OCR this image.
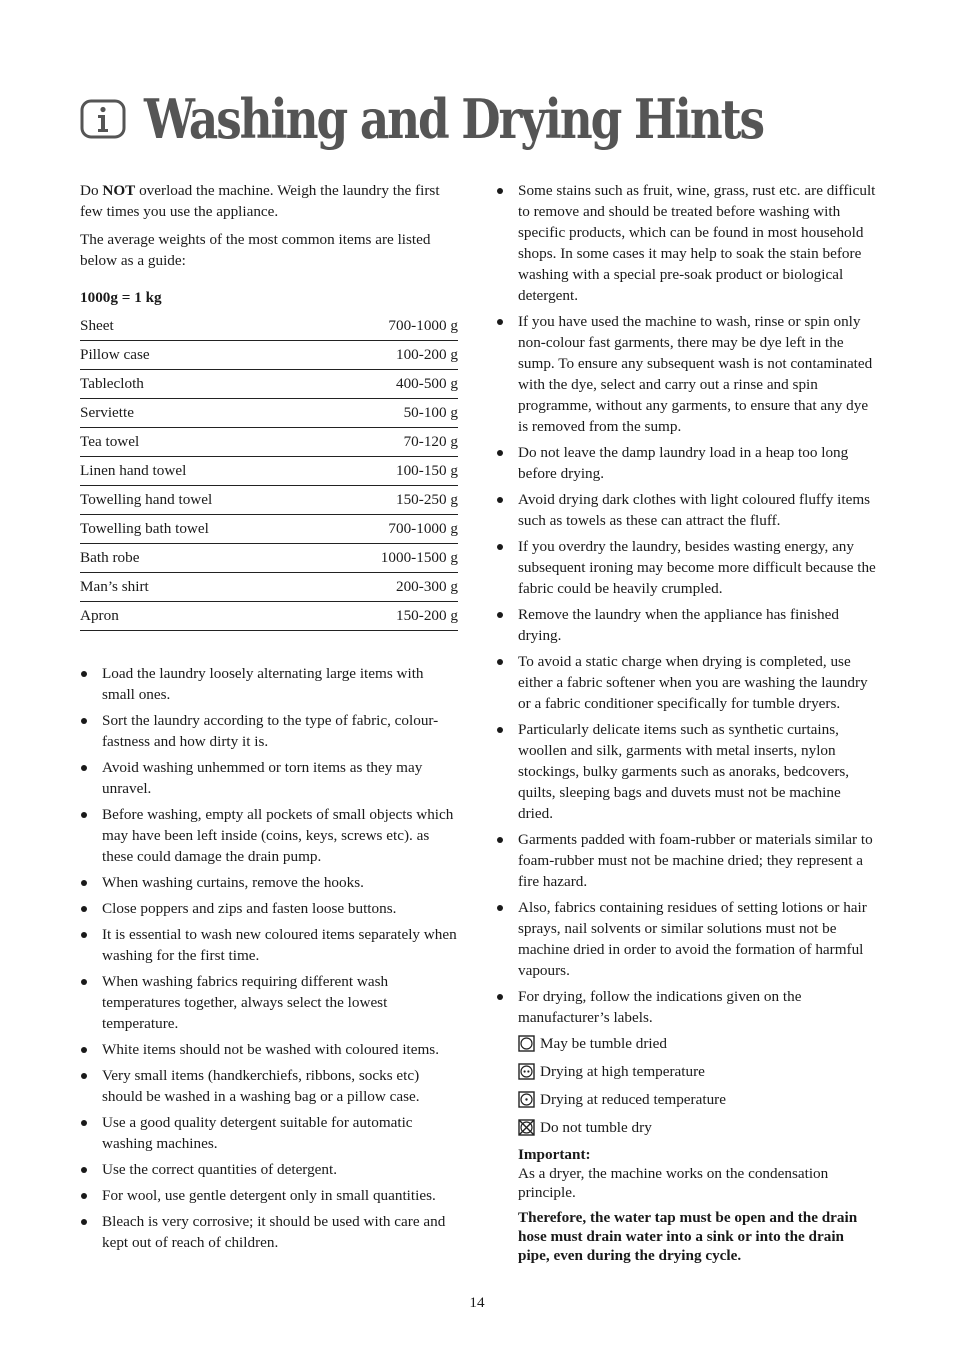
Washing and Drying Hints

Do NOT overload the machine. Weigh the laundry the first few times you use the appliance.

The average weights of the most common items are listed below as a guide:

1000g = 1 kg
Sheet	700-1000 g
Pillow case	100-200 g
Tablecloth	400-500 g
Serviette	50-100 g
Tea towel	70-120 g
Linen hand towel	100-150 g
Towelling hand towel	150-250 g
Towelling bath towel	700-1000 g
Bath robe	1000-1500 g
Man’s shirt	200-300 g
Apron	150-200 g
Load the laundry loosely alternating large items with small ones.
Sort the laundry according to the type of fabric, colour-fastness and how dirty it is.
Avoid washing unhemmed or torn items as they may unravel.
Before washing, empty all pockets of small objects which may have been left inside (coins, keys, screws etc). as these could damage the drain pump.
When washing curtains, remove the hooks.
Close poppers and zips and fasten loose buttons.
It is essential to wash new coloured items separately when washing for the first time.
When washing fabrics requiring different wash temperatures together, always select the lowest temperature.
White items should not be washed with coloured items.
Very small items (handkerchiefs, ribbons, socks etc) should be washed in a washing bag or a pillow case.
Use a good quality detergent suitable for automatic washing machines.
Use the correct quantities of detergent.
For wool, use gentle detergent only in small quantities.
Bleach is very corrosive; it should be used with care and kept out of reach of children.
Some stains such as fruit, wine, grass, rust etc. are difficult to remove and should be treated before washing with specific products, which can be found in most household shops. In some cases it may help to soak the stain before washing with a special pre-soak product or biological detergent.
If you have used the machine to wash, rinse or spin only non-colour fast garments, there may be dye left in the sump. To ensure any subsequent wash is not contaminated with the dye, select and carry out a rinse and spin programme, without any garments, to ensure that any dye is removed from the sump.
Do not leave the damp laundry load in a heap too long before drying.
Avoid drying dark clothes with light coloured fluffy items such as towels as these can attract the fluff.
If you overdry the laundry, besides wasting energy, any subsequent ironing may become more difficult because the fabric could be heavily crumpled.
Remove the laundry when the appliance has finished drying.
To avoid a static charge when drying is completed, use either a fabric softener when you are washing the laundry or a fabric conditioner specifically for tumble dryers.
Particularly delicate items such as synthetic curtains, woollen and silk, garments with metal inserts, nylon stockings, bulky garments such as anoraks, bedcovers, quilts, sleeping bags and duvets must not be machine dried.
Garments padded with foam-rubber or materials similar to foam-rubber must not be machine dried; they represent a fire hazard.
Also, fabrics containing residues of setting lotions or hair sprays, nail solvents or similar solutions must not be machine dried in order to avoid the formation of harmful vapours.
For drying, follow the indications given on the manufacturer’s labels.
May be tumble dried
Drying at high temperature
Drying at reduced temperature
Do not tumble dry
Important:
As a dryer, the machine works on the condensation principle.
Therefore, the water tap must be open and the drain hose must drain water into a sink or into the drain pipe, even during the drying cycle.
14
